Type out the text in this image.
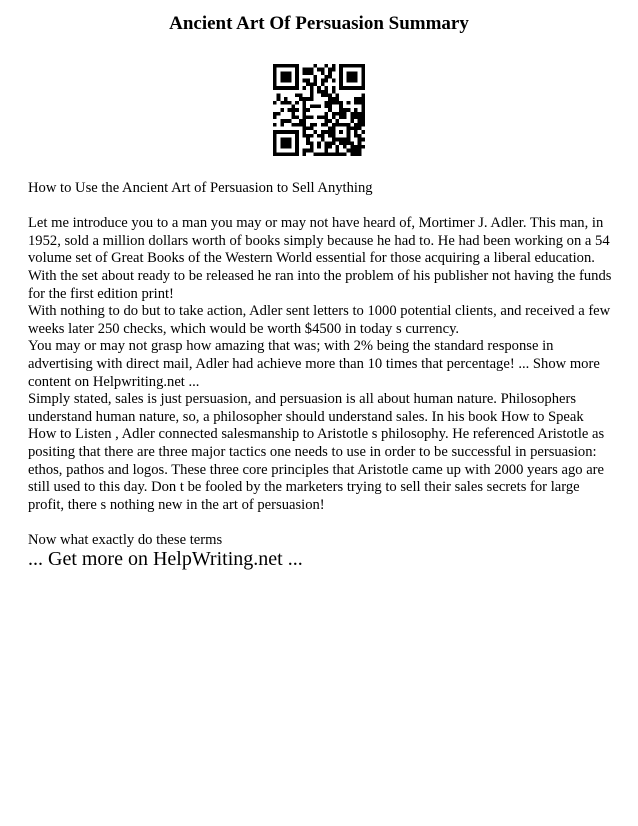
Ancient Art Of Persuasion Summary

How to Use the Ancient Art of Persuasion to Sell Anything

Let me introduce you to a man you may or may not have heard of, Mortimer J. Adler. This man, in 1952, sold a million dollars worth of books simply because he had to. He had been working on a 54 volume set of Great Books of the Western World essential for those acquiring a liberal education. With the set about ready to be released he ran into the problem of his publisher not having the funds for the first edition print!

With nothing to do but to take action, Adler sent letters to 1000 potential clients, and received a few weeks later 250 checks, which would be worth $4500 in today s currency.

You may or may not grasp how amazing that was; with 2% being the standard response in advertising with direct mail, Adler had achieve more than 10 times that percentage! ... Show more content on Helpwriting.net ...

Simply stated, sales is just persuasion, and persuasion is all about human nature. Philosophers understand human nature, so, a philosopher should understand sales. In his book How to Speak How to Listen , Adler connected salesmanship to Aristotle s philosophy. He referenced Aristotle as positing that there are three major tactics one needs to use in order to be successful in persuasion: ethos, pathos and logos. These three core principles that Aristotle came up with 2000 years ago are still used to this day. Don t be fooled by the marketers trying to sell their sales secrets for large profit, there s nothing new in the art of persuasion!

Now what exactly do these terms

... Get more on HelpWriting.net ...
